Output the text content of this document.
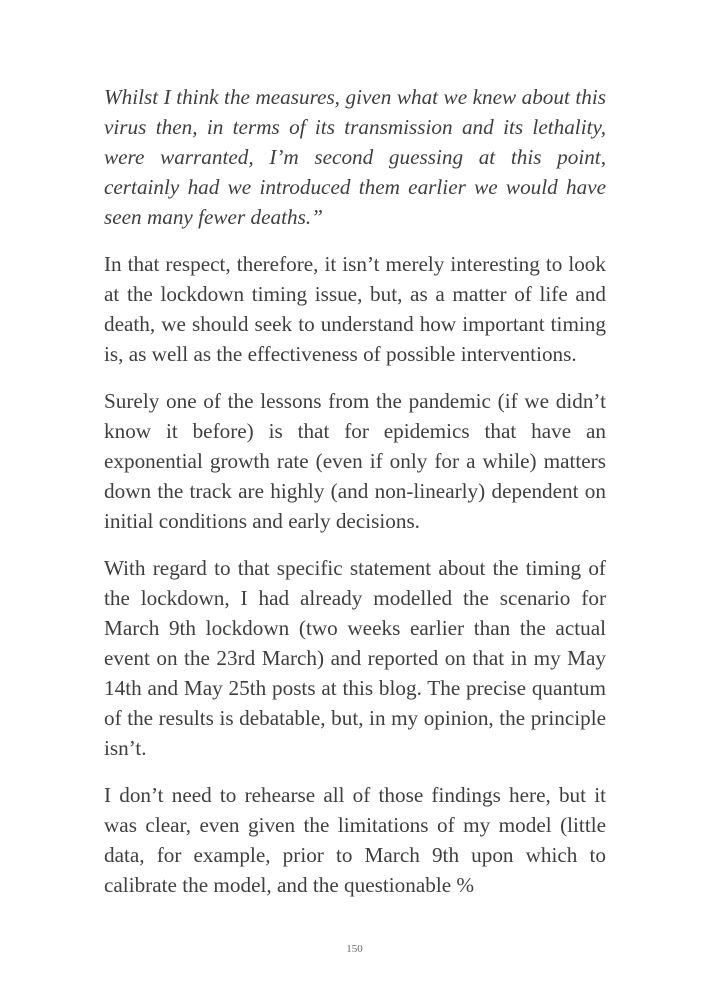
Whilst I think the measures, given what we knew about this virus then, in terms of its transmission and its lethality, were warranted, I’m second guessing at this point, certainly had we introduced them earlier we would have seen many fewer deaths.”

In that respect, therefore, it isn’t merely interesting to look at the lockdown timing issue, but, as a matter of life and death, we should seek to understand how important timing is, as well as the effectiveness of possible interventions.

Surely one of the lessons from the pandemic (if we didn’t know it before) is that for epidemics that have an exponential growth rate (even if only for a while) matters down the track are highly (and non-linearly) dependent on initial conditions and early decisions.

With regard to that specific statement about the timing of the lockdown, I had already modelled the scenario for March 9th lockdown (two weeks earlier than the actual event on the 23rd March) and reported on that in my May 14th and May 25th posts at this blog. The precise quantum of the results is debatable, but, in my opinion, the principle isn’t.

I don’t need to rehearse all of those findings here, but it was clear, even given the limitations of my model (little data, for example, prior to March 9th upon which to calibrate the model, and the questionable %

150
